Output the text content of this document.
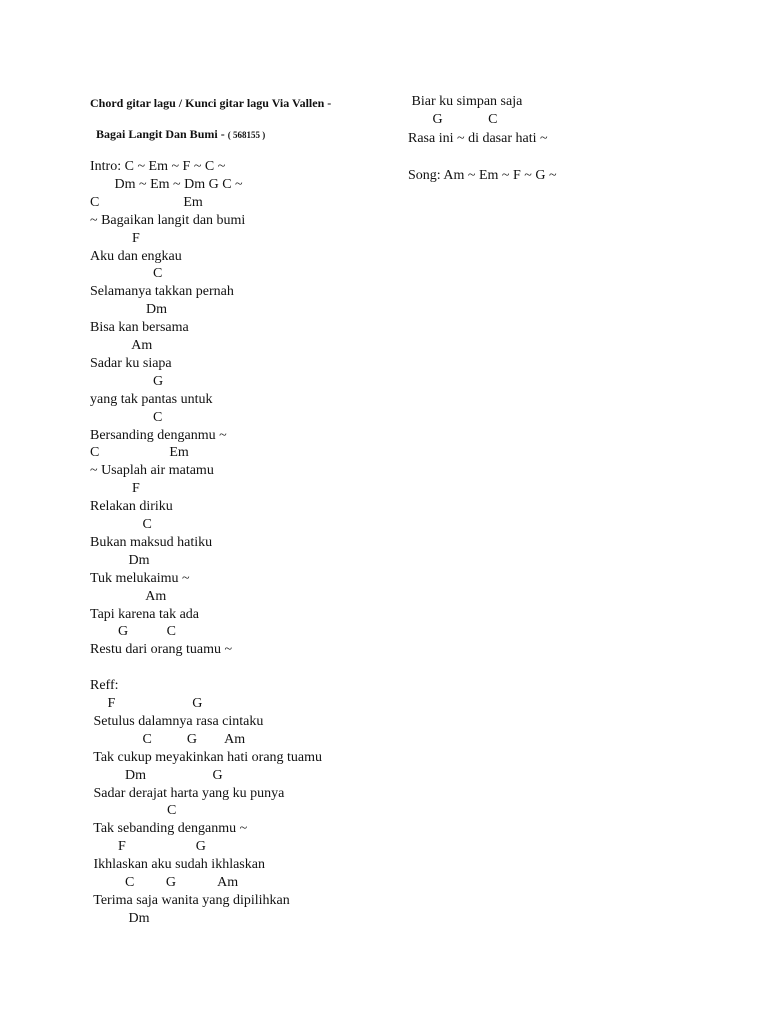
Chord gitar lagu / Kunci gitar lagu Via Vallen -

Bagai Langit Dan Bumi - ( 568155 )

Intro: C ~ Em ~ F ~ C ~
Dm ~ Em ~ Dm G C ~
C                        Em
~ Bagaikan langit dan bumi
F
Aku dan engkau
C
Selamanya takkan pernah
Dm
Bisa kan bersama
Am
Sadar ku siapa
G
yang tak pantas untuk
C
Bersanding denganmu ~
C                    Em
~ Usaplah air matamu
F
Relakan diriku
C
Bukan maksud hatiku
Dm
Tuk melukaimu ~
Am
Tapi karena tak ada
G           C
Restu dari orang tuamu ~
Reff:
F                      G
Setulus dalamnya rasa cintaku
C          G        Am
Tak cukup meyakinkan hati orang tuamu
Dm                   G
Sadar derajat harta yang ku punya
C
Tak sebanding denganmu ~
F                    G
Ikhlaskan aku sudah ikhlaskan
C         G            Am
Terima saja wanita yang dipilihkan
Dm
Biar ku simpan saja
G             C
Rasa ini ~ di dasar hati ~
Song: Am ~ Em ~ F ~ G ~
